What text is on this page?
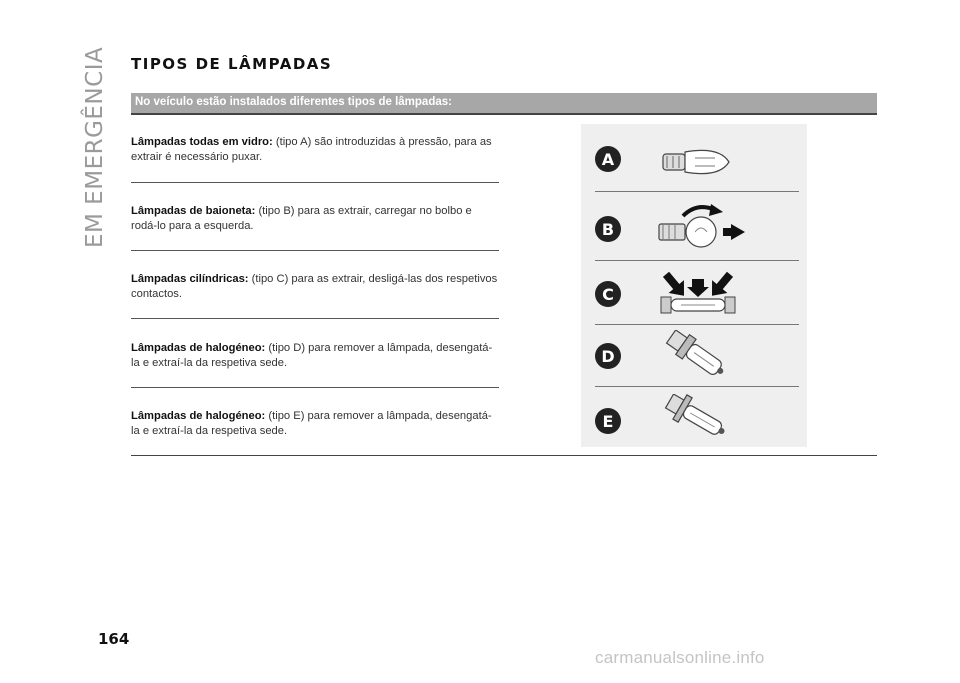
EM EMERGÊNCIA TIPOS DE LÂMPADAS
No veículo estão instalados diferentes tipos de lâmpadas:
Lâmpadas todas em vidro: (tipo A) são introduzidas à pressão, para as extrair é necessário puxar.
Lâmpadas de baioneta: (tipo B) para as extrair, carregar no bolbo e rodá-lo para a esquerda.
Lâmpadas cilíndricas: (tipo C) para as extrair, desligá-las dos respetivos contactos.
Lâmpadas de halogéneo: (tipo D) para remover a lâmpada, desengatá-la e extraí-la da respetiva sede.
Lâmpadas de halogéneo: (tipo E) para remover a lâmpada, desengatá-la e extraí-la da respetiva sede.
A
B
C
D
E
164
carmanualsonline.info
